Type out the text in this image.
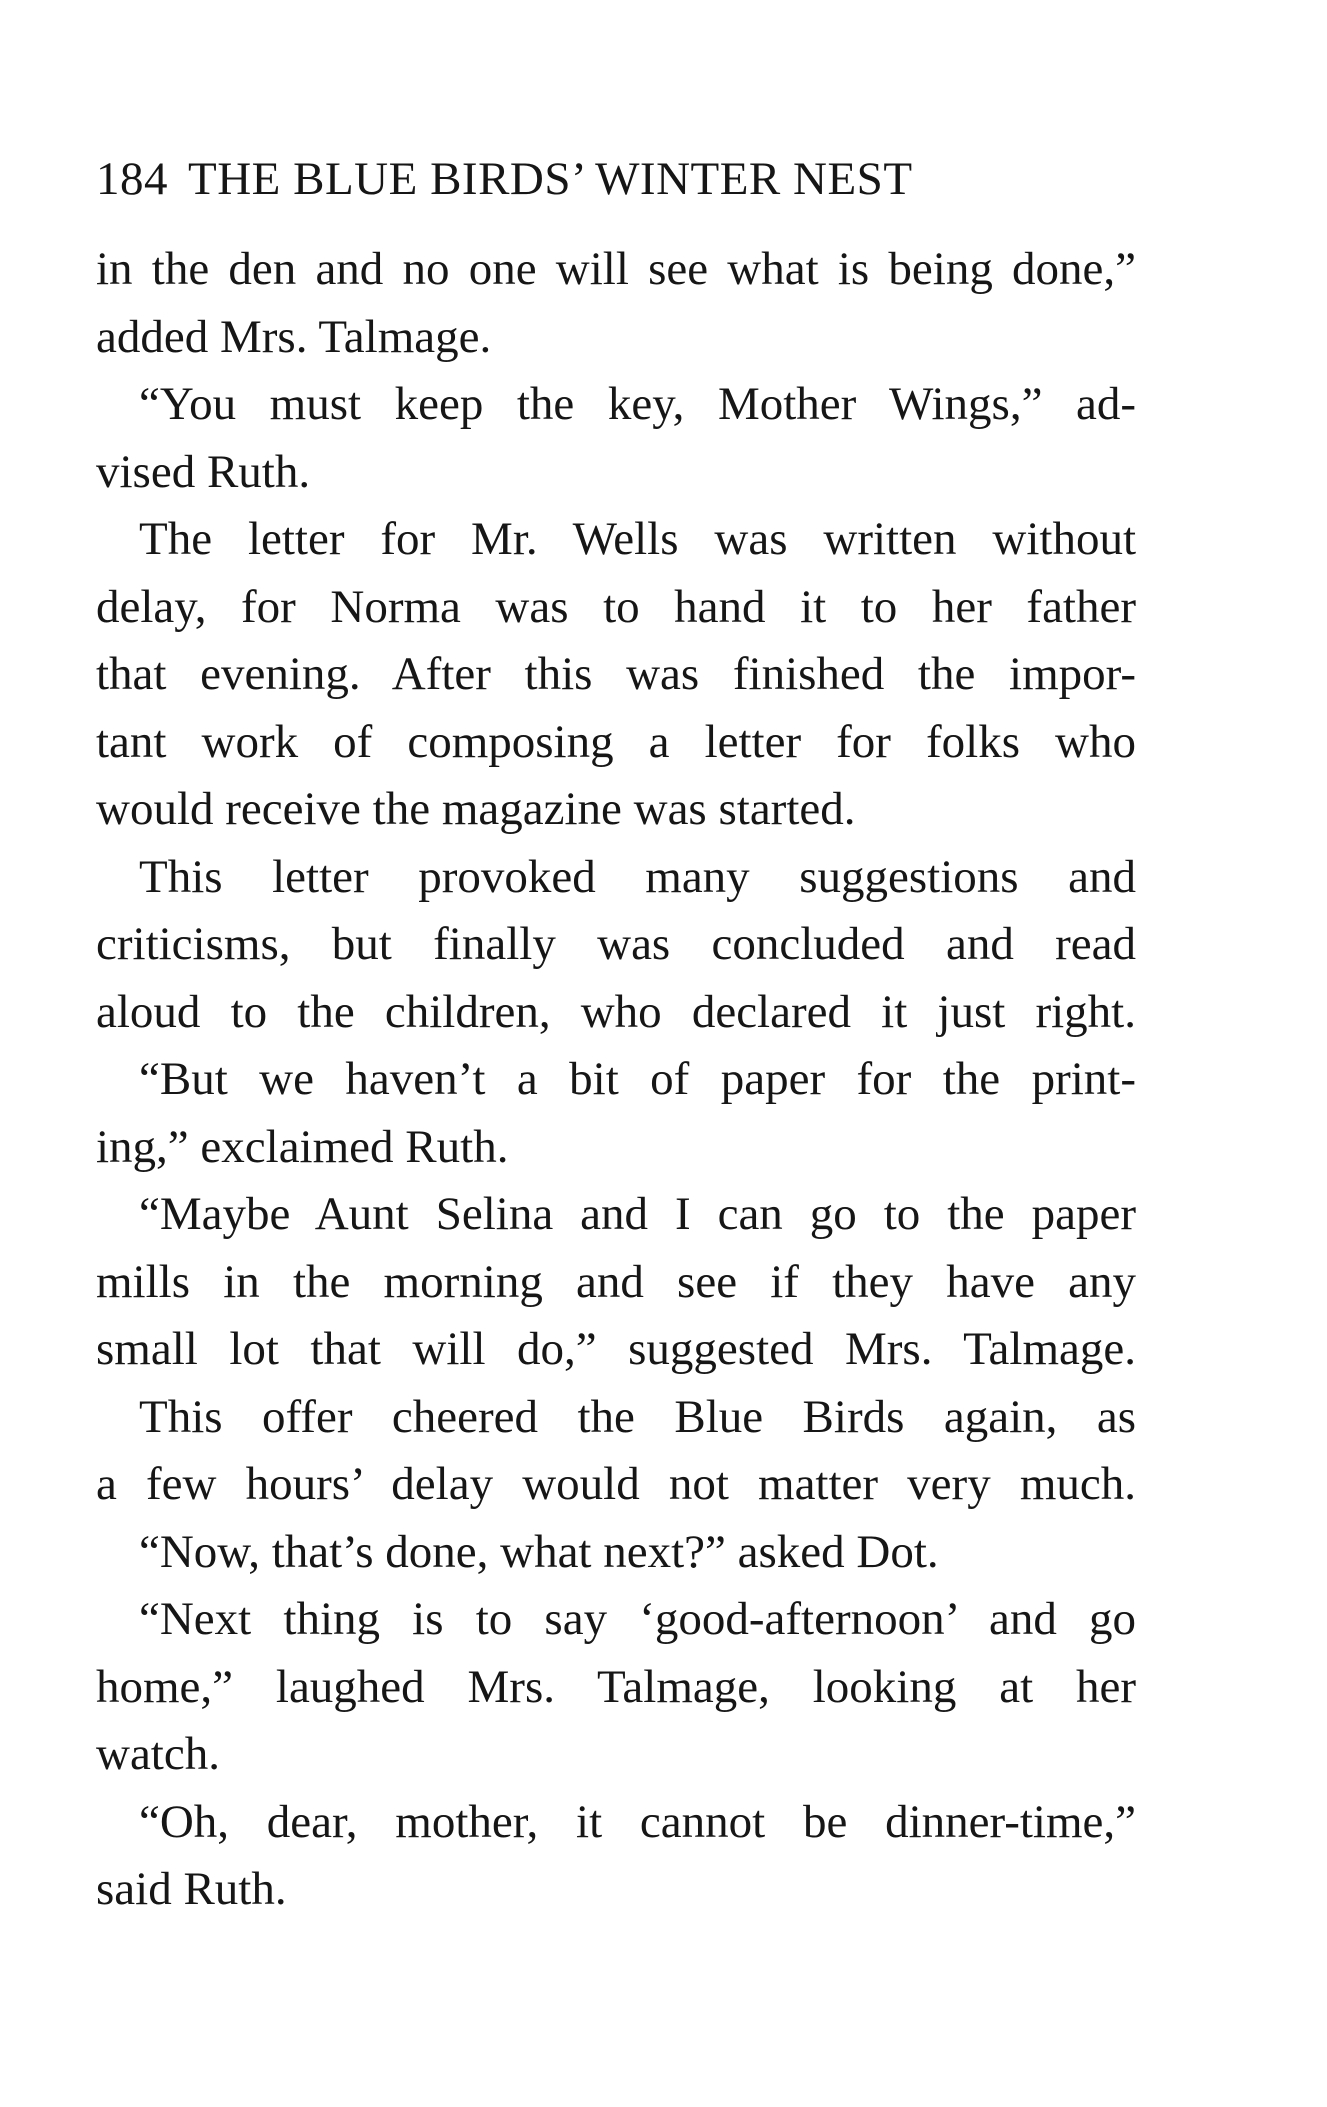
184 THE BLUE BIRDS’ WINTER NEST
in the den and no one will see what is being done,”
added Mrs. Talmage.
“You must keep the key, Mother Wings,” ad-
vised Ruth.
The letter for Mr. Wells was written without
delay, for Norma was to hand it to her father
that evening. After this was finished the impor-
tant work of composing a letter for folks who
would receive the magazine was started.
This letter provoked many suggestions and
criticisms, but finally was concluded and read
aloud to the children, who declared it just right.
“But we haven’t a bit of paper for the print-
ing,” exclaimed Ruth.
“Maybe Aunt Selina and I can go to the paper
mills in the morning and see if they have any
small lot that will do,” suggested Mrs. Talmage.
This offer cheered the Blue Birds again, as
a few hours’ delay would not matter very much.
“Now, that’s done, what next?” asked Dot.
“Next thing is to say ‘good-afternoon’ and go
home,” laughed Mrs. Talmage, looking at her
watch.
“Oh, dear, mother, it cannot be dinner-time,”
said Ruth.
